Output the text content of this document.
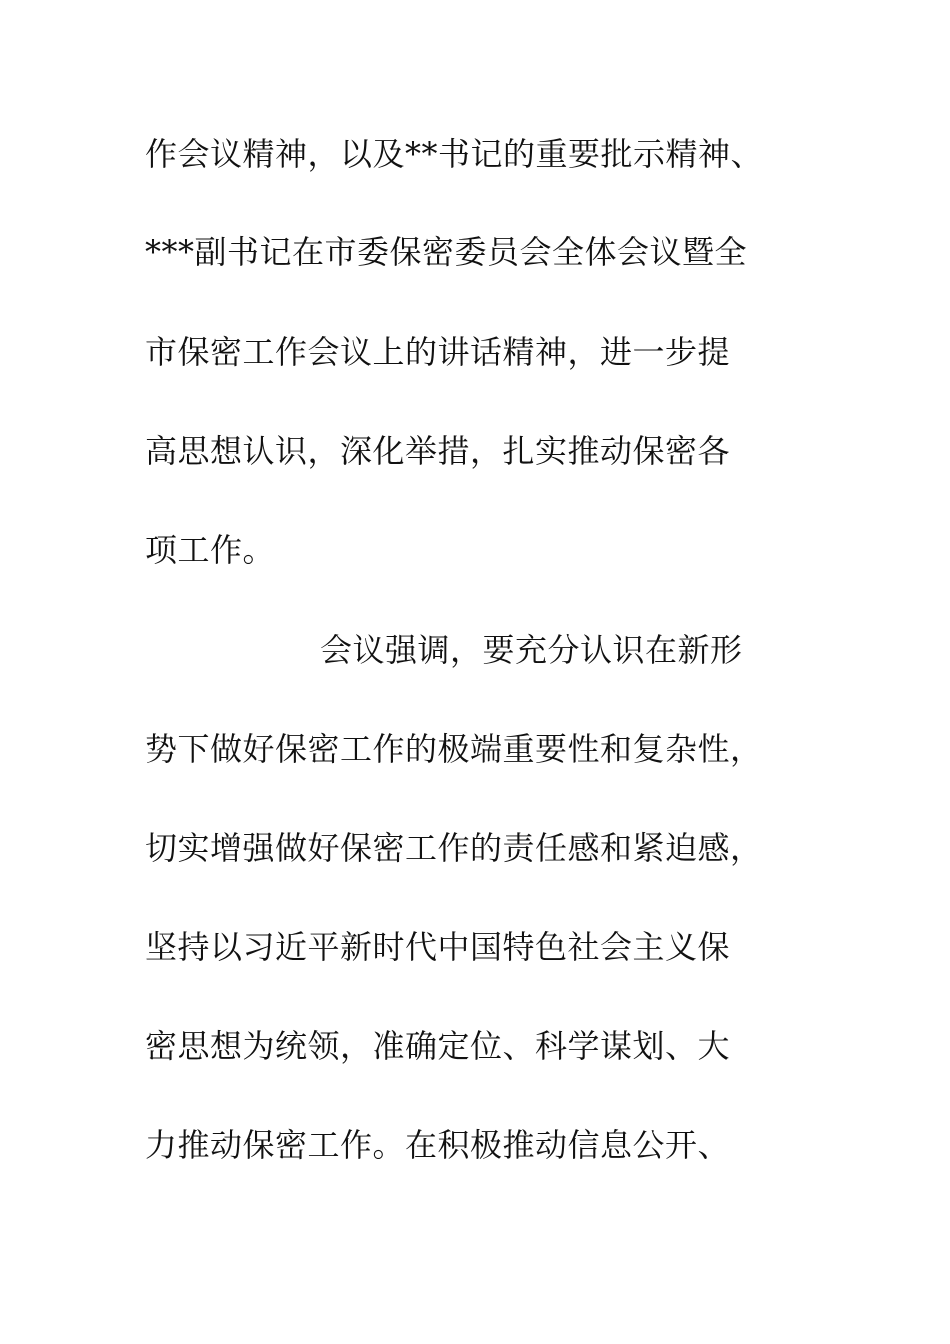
作会议精神，以及**书记的重要批示精神、

***副书记在市委保密委员会全体会议暨全

市保密工作会议上的讲话精神，进一步提

高思想认识，深化举措，扎实推动保密各

项工作。

会议强调，要充分认识在新形

势下做好保密工作的极端重要性和复杂性，

切实增强做好保密工作的责任感和紧迫感，

坚持以习近平新时代中国特色社会主义保

密思想为统领，准确定位、科学谋划、大

力推动保密工作。在积极推动信息公开、
